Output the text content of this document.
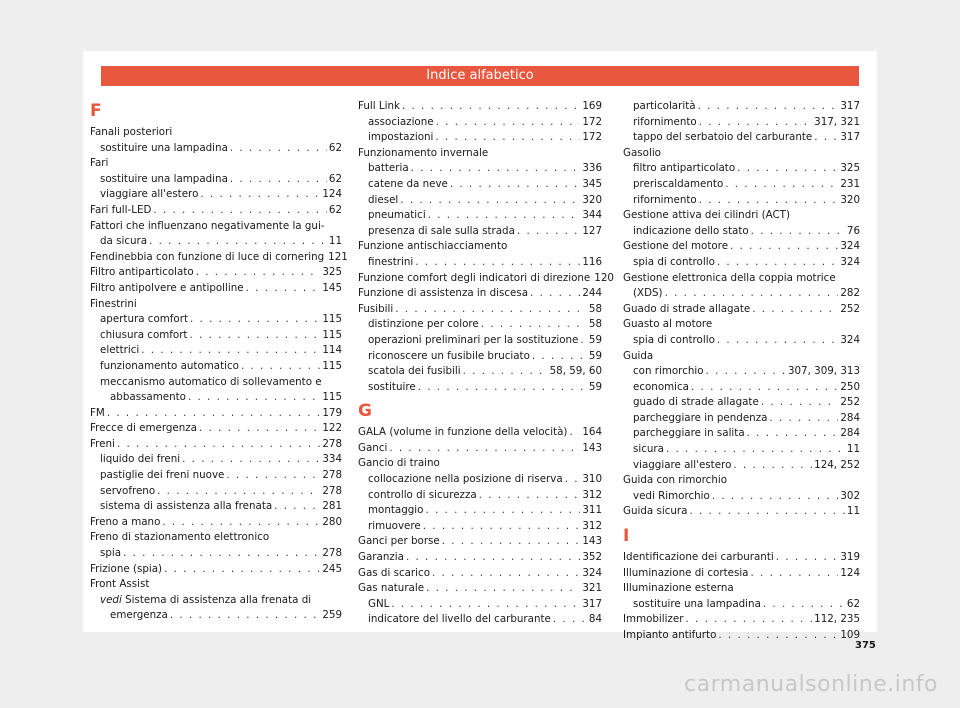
Indice alfabetico
F
Fanali posteriori
sostituire una lampadina . . .	62
Fari
sostituire una lampadina . . .	62
viaggiare all'estero . . .	124
Fari full-LED . . .	62
Fattori che influenzano negativamente la gui-
da sicura . . .	11
Fendinebbia con funzione di luce di cornering 121
Filtro antiparticolato . . .	325
Filtro antipolvere e antipolline . . .	145
Finestrini
apertura comfort . . .	115
chiusura comfort . . .	115
elettrici . . .	114
funzionamento automatico . . .	115
meccanismo automatico di sollevamento e
abbassamento . . .	115
FM . . .	179
Frecce di emergenza . . .	122
Freni . . .	278
liquido dei freni . . .	334
pastiglie dei freni nuove . . .	278
servofreno . . .	278
sistema di assistenza alla frenata . . .	281
Freno a mano . . .	280
Freno di stazionamento elettronico
spia . . .	278
Frizione (spia) . . .	245
Front Assist
vedi Sistema di assistenza alla frenata di
emergenza . . .	259
Full Link . . .	169
associazione . . .	172
impostazioni . . .	172
Funzionamento invernale
batteria . . .	336
catene da neve . . .	345
diesel . . .	320
pneumatici . . .	344
presenza di sale sulla strada . . .	127
Funzione antischiacciamento
finestrini . . .	116
Funzione comfort degli indicatori di direzione 120
Funzione di assistenza in discesa . . .	244
Fusibili . . .	58
distinzione per colore . . .	58
operazioni preliminari per la sostituzione . . . 59
riconoscere un fusibile bruciato . . .	59
scatola dei fusibili . . .	58, 59, 60
sostituire . . .	59
G
GALA (volume in funzione della velocità) . . . 164
Ganci . . .	143
Gancio di traino
collocazione nella posizione di riserva . . . 310
controllo di sicurezza . . .	312
montaggio . . .	311
rimuovere . . .	312
Ganci per borse . . .	143
Garanzia . . .	352
Gas di scarico . . .	324
Gas naturale . . .	321
GNL . . .	317
indicatore del livello del carburante . . .	84
particolarità . . .	317
rifornimento . . .	317, 321
tappo del serbatoio del carburante . . .	317
Gasolio
filtro antiparticolato . . .	325
preriscaldamento . . .	231
rifornimento . . .	320
Gestione attiva dei cilindri (ACT)
indicazione dello stato . . .	76
Gestione del motore . . .	324
spia di controllo . . .	324
Gestione elettronica della coppia motrice
(XDS) . . .	282
Guado di strade allagate . . .	252
Guasto al motore
spia di controllo . . .	324
Guida
con rimorchio . . .	307, 309, 313
economica . . .	250
guado di strade allagate . . .	252
parcheggiare in pendenza . . .	284
parcheggiare in salita . . .	284
sicura . . .	11
viaggiare all'estero . . .	124, 252
Guida con rimorchio
vedi Rimorchio . . .	302
Guida sicura . . .	11
I
Identificazione dei carburanti . . .	319
Illuminazione di cortesia . . .	124
Illuminazione esterna
sostituire una lampadina . . .	62
Immobilizer . . .	112, 235
Impianto antifurto . . .	109
375
carmanualsonline.info
